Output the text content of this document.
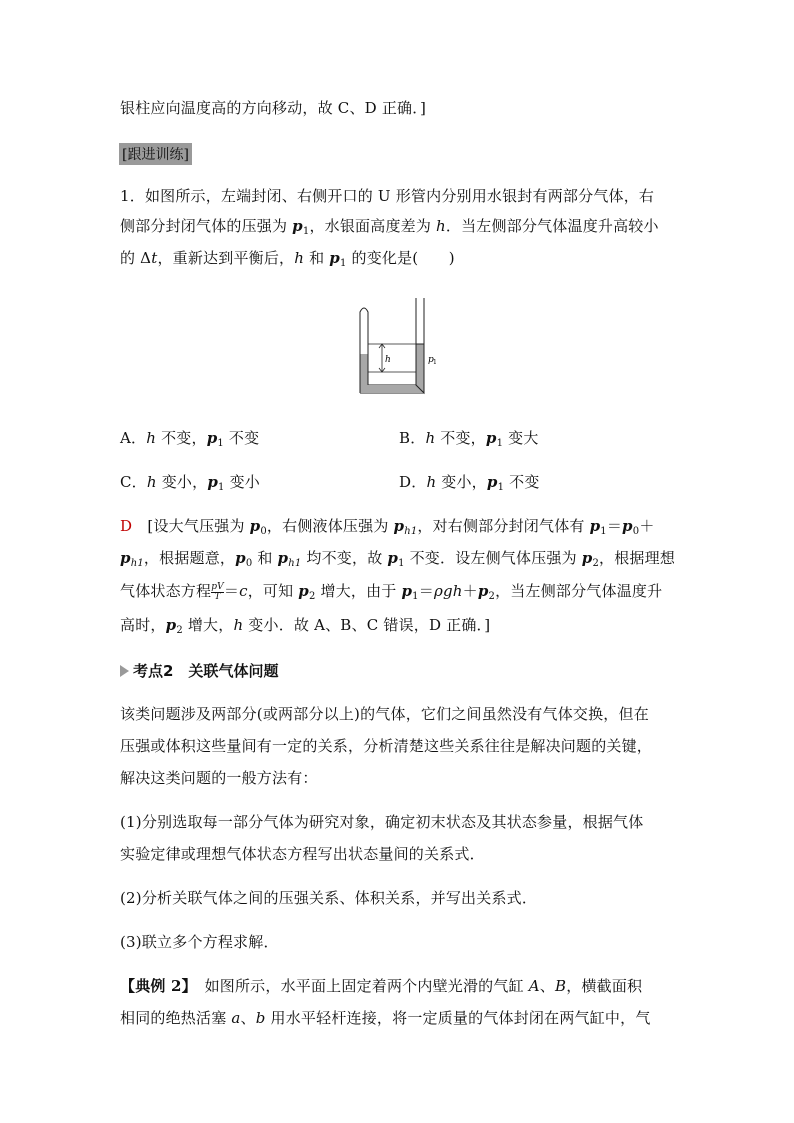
银柱应向温度高的方向移动，故 C、D 正确．]
[跟进训练]
1．如图所示，左端封闭、右侧开口的 U 形管内分别用水银封有两部分气体，右
侧部分封闭气体的压强为 $p_1$，水银面高度差为 h．当左侧部分气体温度升高较小
的 Δt，重新达到平衡后，h 和 $p_1$ 的变化是(　　)
h	p 1
A．h 不变，$p_1$ 不变	B．h 不变，$p_1$ 变大
C．h 变小，$p_1$ 变小	D．h 变小，$p_1$ 不变
D　[设大气压强为 $p_0$，右侧液体压强为 $p_{h1}$，对右侧部分封闭气体有 $p_1=p_0+$
$p_{h1}$，根据题意，$p_0$ 和 $p_{h1}$ 均不变，故 $p_1$ 不变．设左侧气体压强为 $p_2$，根据理想
气体状态方程 $\frac{pV}{T} =c$，可知 $p_2$ 增大，由于 $p_1=\rho gh+p_2$，当左侧部分气体温度升
高时，$p_2$ 增大，h 变小．故 A、B、C 错误，D 正确．]
考点2　关联气体问题
该类问题涉及两部分(或两部分以上)的气体，它们之间虽然没有气体交换，但在
压强或体积这些量间有一定的关系，分析清楚这些关系往往是解决问题的关键，
解决这类问题的一般方法有：
(1)分别选取每一部分气体为研究对象，确定初末状态及其状态参量，根据气体
实验定律或理想气体状态方程写出状态量间的关系式．
(2)分析关联气体之间的压强关系、体积关系，并写出关系式．
(3)联立多个方程求解．
【典例 2】　如图所示，水平面上固定着两个内壁光滑的气缸 A、B，横截面积
相同的绝热活塞 a、b 用水平轻杆连接，将一定质量的气体封闭在两气缸中，气
